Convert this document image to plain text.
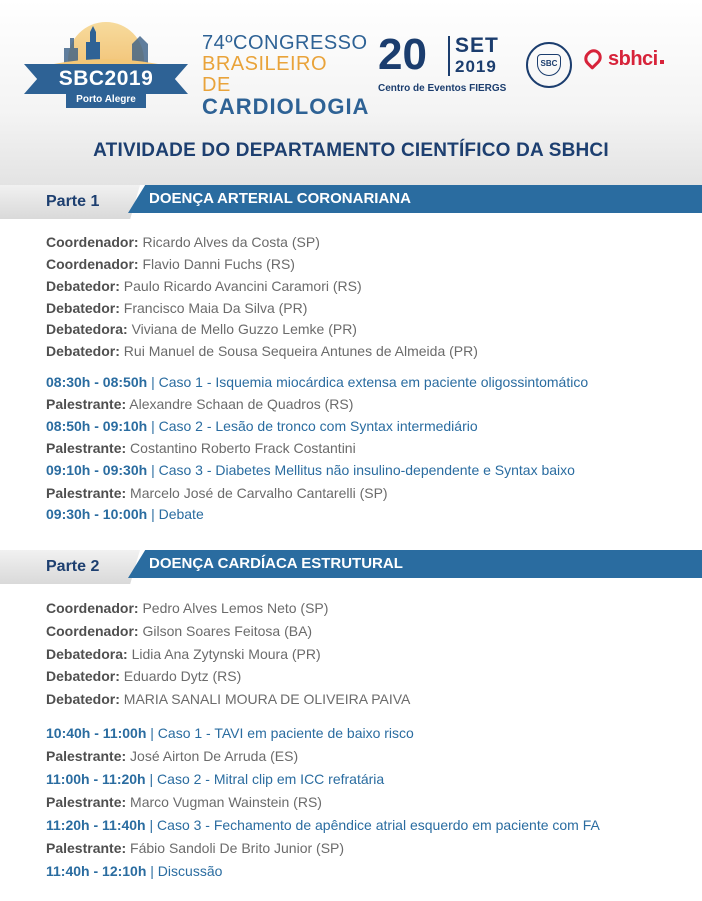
SBC2019
Porto Alegre
74ºCONGRESSO
BRASILEIRO DE
CARDIOLOGIA
20 SET
2019
Centro de Eventos FIERGS
SBC	sbhci
ATIVIDADE DO DEPARTAMENTO CIENTÍFICO DA SBHCI
Parte 1	DOENÇA ARTERIAL CORONARIANA
Coordenador: Ricardo Alves da Costa (SP)
Coordenador: Flavio Danni Fuchs (RS)
Debatedor: Paulo Ricardo Avancini Caramori (RS)
Debatedor: Francisco Maia Da Silva (PR)
Debatedora: Viviana de Mello Guzzo Lemke (PR)
Debatedor: Rui Manuel de Sousa Sequeira Antunes de Almeida (PR)
08:30h - 08:50h | Caso 1 - Isquemia miocárdica extensa em paciente oligossintomático
Palestrante: Alexandre Schaan de Quadros (RS)
08:50h - 09:10h | Caso 2 - Lesão de tronco com Syntax intermediário
Palestrante: Costantino Roberto Frack Costantini
09:10h - 09:30h | Caso 3 - Diabetes Mellitus não insulino-dependente e Syntax baixo
Palestrante: Marcelo José de Carvalho Cantarelli (SP)
09:30h - 10:00h | Debate
Parte 2	DOENÇA CARDÍACA ESTRUTURAL
Coordenador: Pedro Alves Lemos Neto (SP)
Coordenador: Gilson Soares Feitosa (BA)
Debatedora: Lidia Ana Zytynski Moura (PR)
Debatedor: Eduardo Dytz (RS)
Debatedor: MARIA SANALI MOURA DE OLIVEIRA PAIVA
10:40h - 11:00h | Caso 1 - TAVI em paciente de baixo risco
Palestrante: José Airton De Arruda (ES)
11:00h - 11:20h | Caso 2 - Mitral clip em ICC refratária
Palestrante: Marco Vugman Wainstein (RS)
11:20h - 11:40h | Caso 3 - Fechamento de apêndice atrial esquerdo em paciente com FA
Palestrante: Fábio Sandoli De Brito Junior (SP)
11:40h - 12:10h | Discussão
